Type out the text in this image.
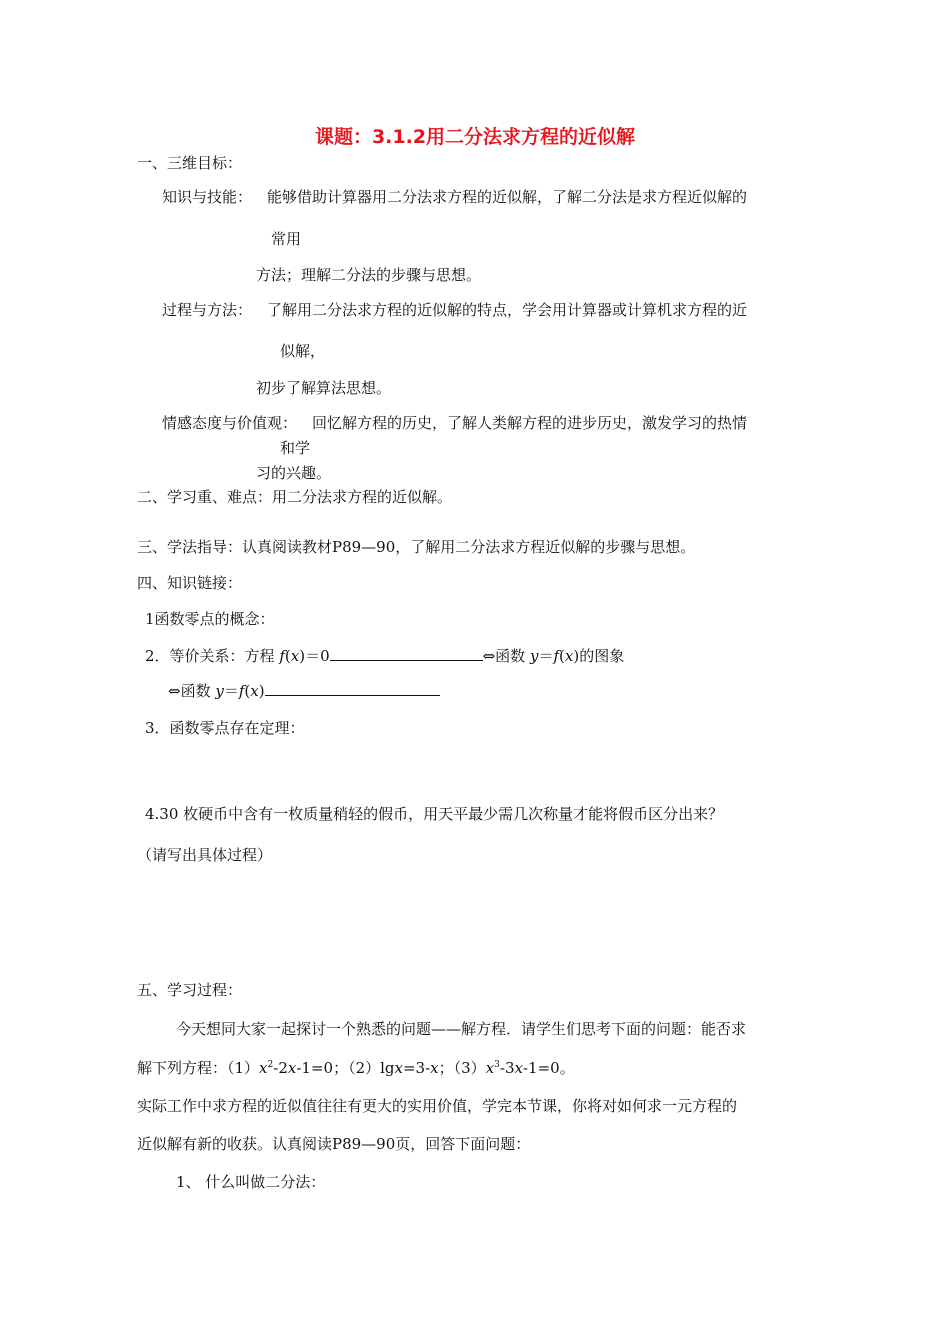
课题：3.1.2用二分法求方程的近似解
一、三维目标：
知识与技能： 能够借助计算器用二分法求方程的近似解，了解二分法是求方程近似解的
常用
方法；理解二分法的步骤与思想。
过程与方法： 了解用二分法求方程的近似解的特点，学会用计算器或计算机求方程的近
似解，
初步了解算法思想。
情感态度与价值观： 回忆解方程的历史，了解人类解方程的进步历史，激发学习的热情
和学
习的兴趣。
二、学习重、难点：用二分法求方程的近似解。
三、学法指导：认真阅读教材P89—90，了解用二分法求方程近似解的步骤与思想。
四、知识链接：
1函数零点的概念：
2．等价关系：方程 f(x)＝0	⇔函数 y＝f(x)的图象
⇔函数 y＝f(x)
3．函数零点存在定理：
4.30 枚硬币中含有一枚质量稍轻的假币，用天平最少需几次称量才能将假币区分出来？
（请写出具体过程）
五、学习过程：
今天想同大家一起探讨一个熟悉的问题——解方程．请学生们思考下面的问题：能否求
解下列方程：$(1)x^2-2x-1=0$；（2）lgx=3-x；$(3)x^3-3x-1=0$。
实际工作中求方程的近似值往往有更大的实用价值，学完本节课，你将对如何求一元方程的
近似解有新的收获。认真阅读P89—90页，回答下面问题：
1、 什么叫做二分法：
